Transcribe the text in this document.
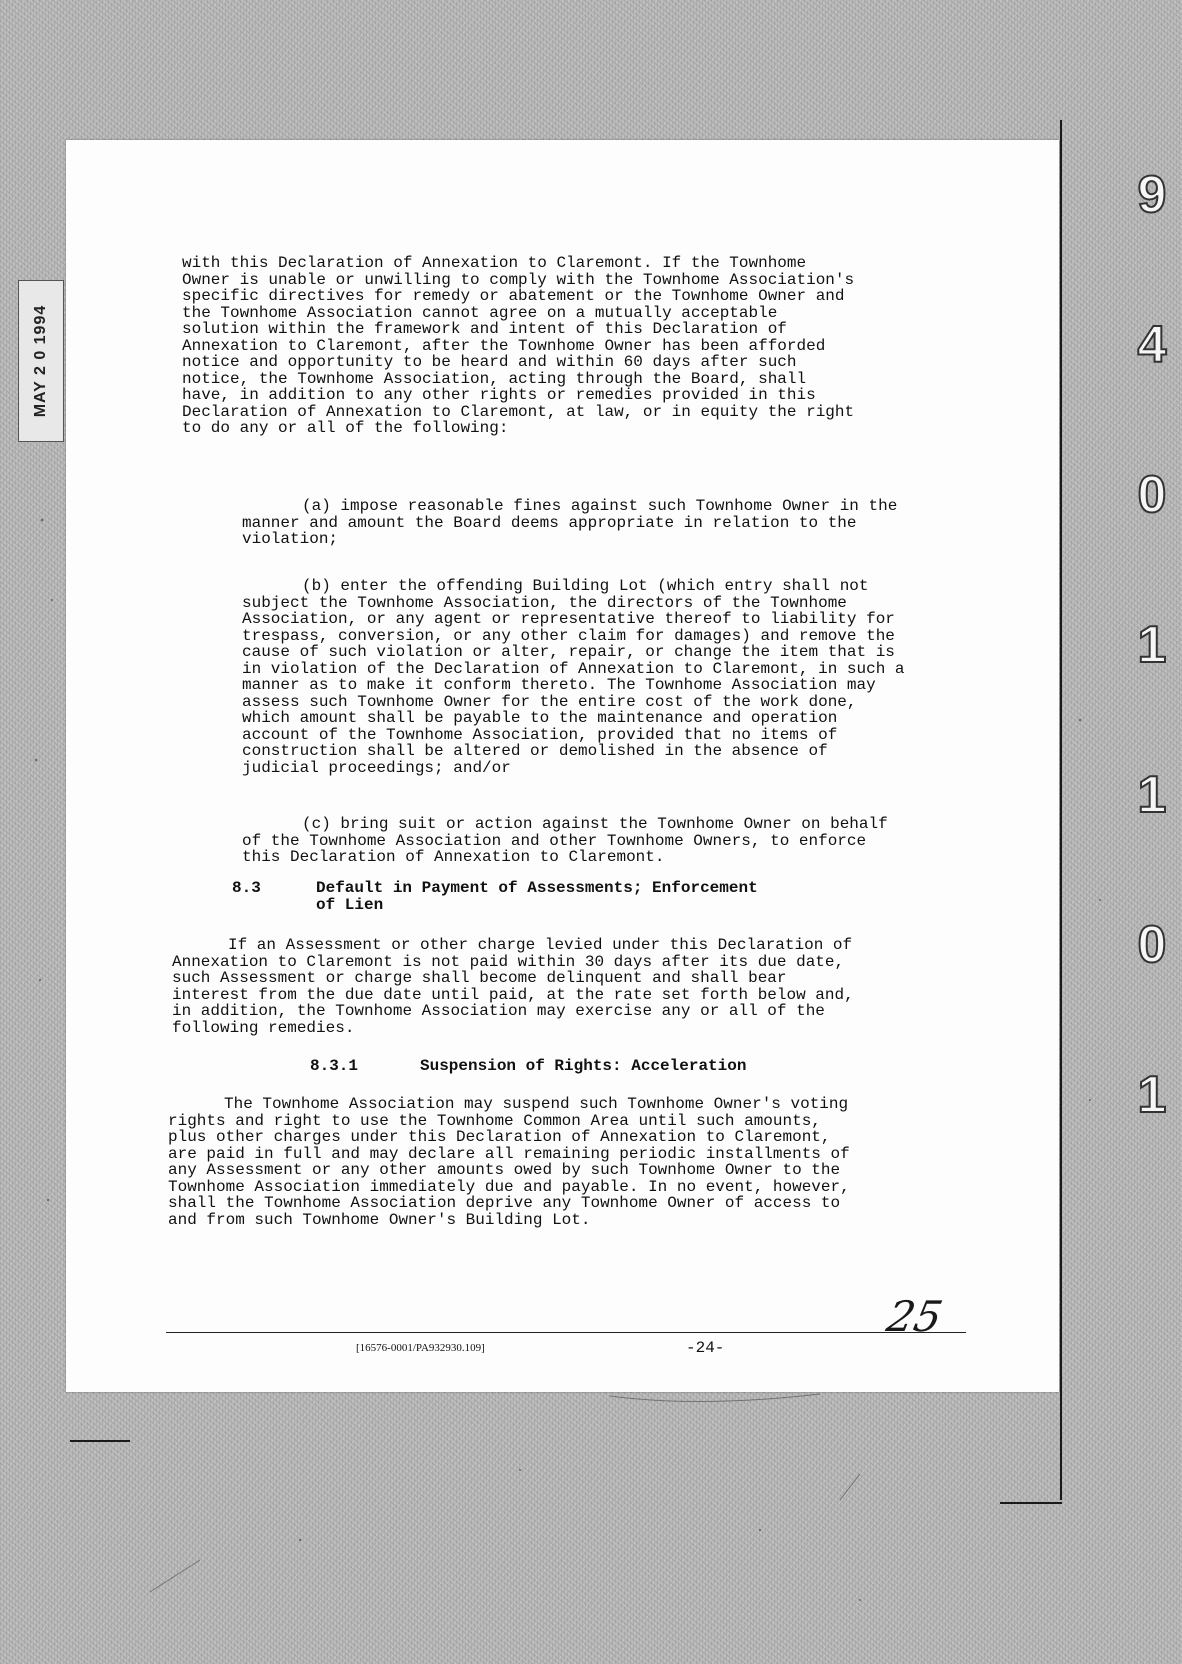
MAY 2 0 1994
9
4
0
1
1
0
1

with this Declaration of Annexation to Claremont. If the Townhome Owner is unable or unwilling to comply with the Townhome Association's specific directives for remedy or abatement or the Townhome Owner and the Townhome Association cannot agree on a mutually acceptable solution within the framework and intent of this Declaration of Annexation to Claremont, after the Townhome Owner has been afforded notice and opportunity to be heard and within 60 days after such notice, the Townhome Association, acting through the Board, shall have, in addition to any other rights or remedies provided in this Declaration of Annexation to Claremont, at law, or in equity the right to do any or all of the following:

(a) impose reasonable fines against such Townhome Owner in the manner and amount the Board deems appropriate in relation to the violation;

(b) enter the offending Building Lot (which entry shall not subject the Townhome Association, the directors of the Townhome Association, or any agent or representative thereof to liability for trespass, conversion, or any other claim for damages) and remove the cause of such violation or alter, repair, or change the item that is in violation of the Declaration of Annexation to Claremont, in such a manner as to make it conform thereto. The Townhome Association may assess such Townhome Owner for the entire cost of the work done, which amount shall be payable to the maintenance and operation account of the Townhome Association, provided that no items of construction shall be altered or demolished in the absence of judicial proceedings; and/or

(c) bring suit or action against the Townhome Owner on behalf of the Townhome Association and other Townhome Owners, to enforce this Declaration of Annexation to Claremont.

8.3	Default in Payment of Assessments; Enforcement
of Lien

If an Assessment or other charge levied under this Declaration of Annexation to Claremont is not paid within 30 days after its due date, such Assessment or charge shall become delinquent and shall bear interest from the due date until paid, at the rate set forth below and, in addition, the Townhome Association may exercise any or all of the following remedies.

8.3.1	Suspension of Rights: Acceleration

The Townhome Association may suspend such Townhome Owner's voting rights and right to use the Townhome Common Area until such amounts, plus other charges under this Declaration of Annexation to Claremont, are paid in full and may declare all remaining periodic installments of any Assessment or any other amounts owed by such Townhome Owner to the Townhome Association immediately due and payable. In no event, however, shall the Townhome Association deprive any Townhome Owner of access to and from such Townhome Owner's Building Lot.

[16576-0001/PA932930.109]	-24-
25
